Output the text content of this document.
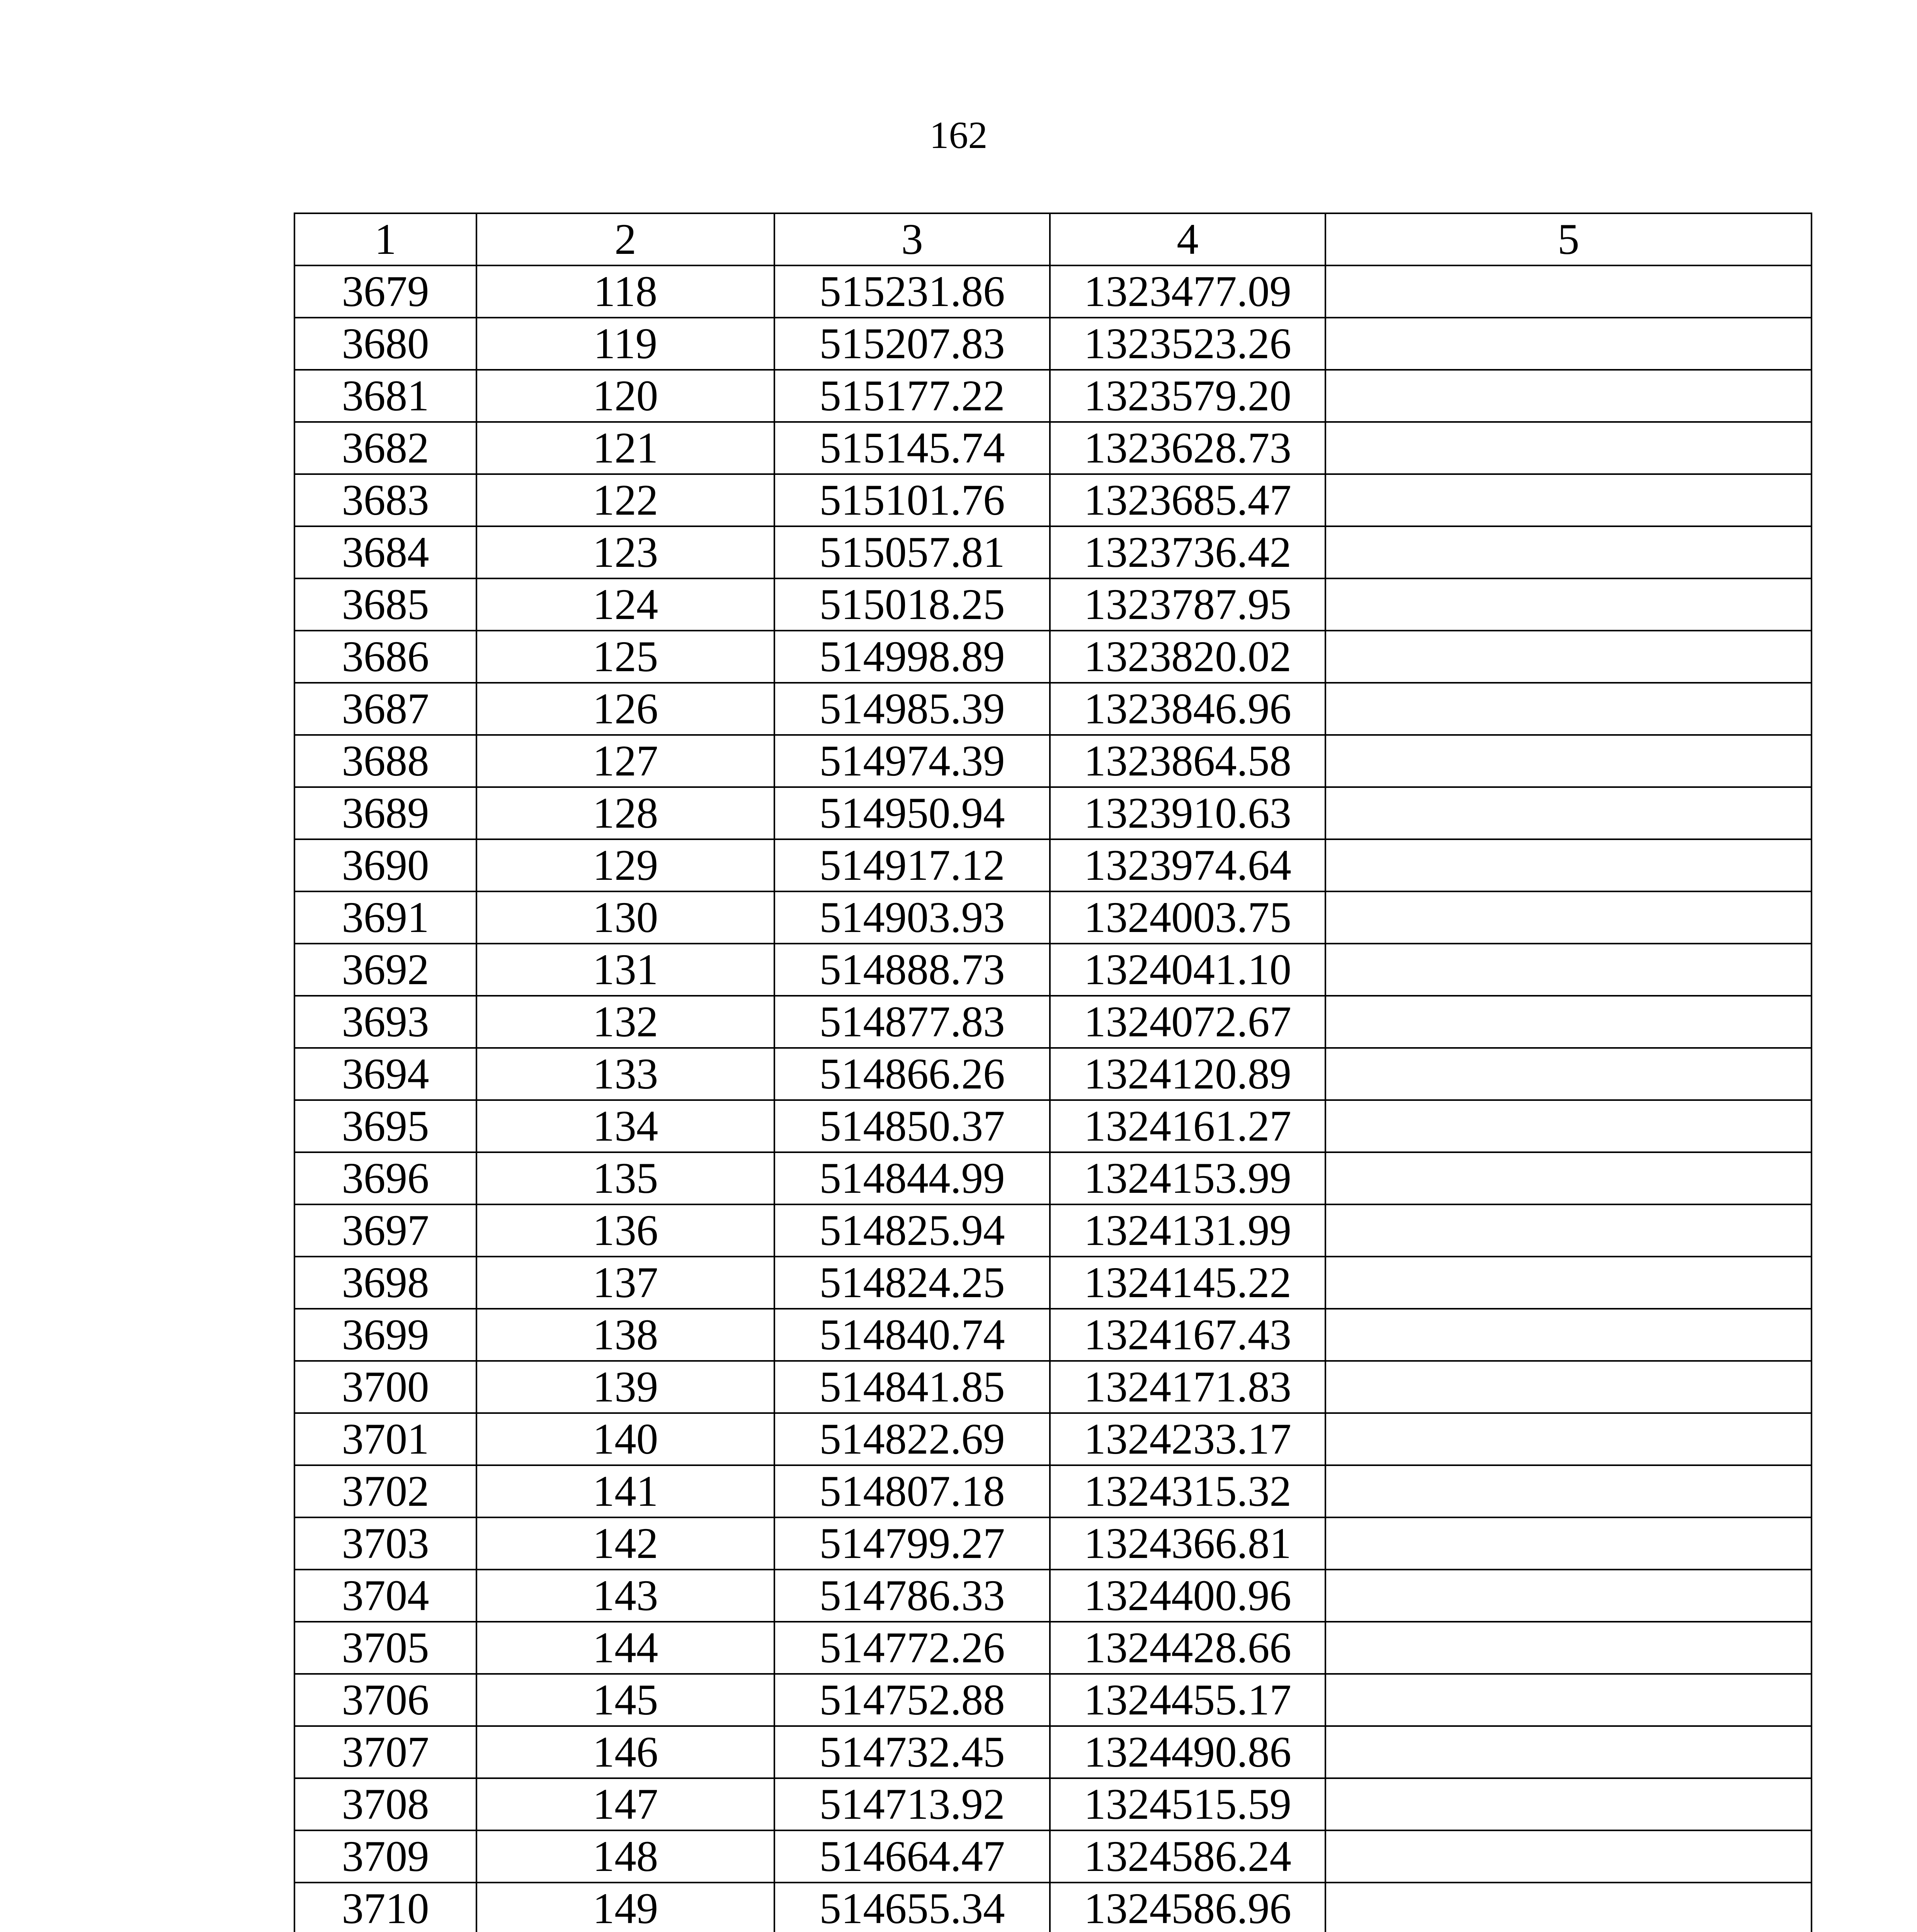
162
1	2	3	4	5
3679	118	515231.86	1323477.09	
3680	119	515207.83	1323523.26	
3681	120	515177.22	1323579.20	
3682	121	515145.74	1323628.73	
3683	122	515101.76	1323685.47	
3684	123	515057.81	1323736.42	
3685	124	515018.25	1323787.95	
3686	125	514998.89	1323820.02	
3687	126	514985.39	1323846.96	
3688	127	514974.39	1323864.58	
3689	128	514950.94	1323910.63	
3690	129	514917.12	1323974.64	
3691	130	514903.93	1324003.75	
3692	131	514888.73	1324041.10	
3693	132	514877.83	1324072.67	
3694	133	514866.26	1324120.89	
3695	134	514850.37	1324161.27	
3696	135	514844.99	1324153.99	
3697	136	514825.94	1324131.99	
3698	137	514824.25	1324145.22	
3699	138	514840.74	1324167.43	
3700	139	514841.85	1324171.83	
3701	140	514822.69	1324233.17	
3702	141	514807.18	1324315.32	
3703	142	514799.27	1324366.81	
3704	143	514786.33	1324400.96	
3705	144	514772.26	1324428.66	
3706	145	514752.88	1324455.17	
3707	146	514732.45	1324490.86	
3708	147	514713.92	1324515.59	
3709	148	514664.47	1324586.24	
3710	149	514655.34	1324586.96	
